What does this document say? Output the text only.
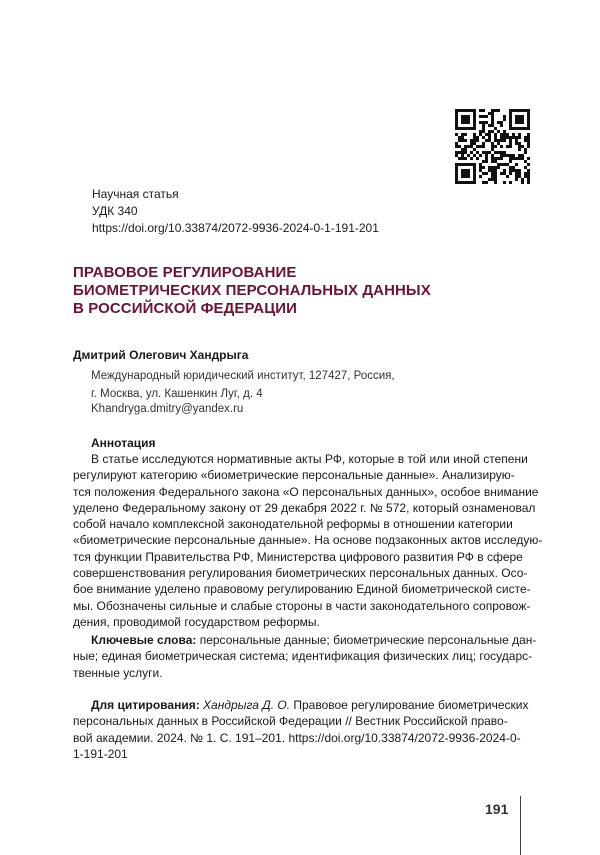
Научная статья
УДК 340
https://doi.org/10.33874/2072-9936-2024-0-1-191-201
ПРАВОВОЕ РЕГУЛИРОВАНИЕ
БИОМЕТРИЧЕСКИХ ПЕРСОНАЛЬНЫХ ДАННЫХ
В РОССИЙСКОЙ ФЕДЕРАЦИИ
Дмитрий Олегович Хандрыга
Международный юридический институт, 127427, Россия,
г. Москва, ул. Кашенкин Луг, д. 4
Khandryga.dmitry@yandex.ru
Аннотация
В статье исследуются нормативные акты РФ, которые в той или иной степени
регулируют категорию «биометрические персональные данные». Анализирую-
тся положения Федерального закона «О персональных данных», особое внимание
уделено Федеральному закону от 29 декабря 2022 г. № 572, который ознаменовал
собой начало комплексной законодательной реформы в отношении категории
«биометрические персональные данные». На основе подзаконных актов исследую-
тся функции Правительства РФ, Министерства цифрового развития РФ в сфере
совершенствования регулирования биометрических персональных данных. Осо-
бое внимание уделено правовому регулированию Единой биометрической систе-
мы. Обозначены сильные и слабые стороны в части законодательного сопровож-
дения, проводимой государством реформы.
Ключевые слова: персональные данные; биометрические персональные дан-
ные; единая биометрическая система; идентификация физических лиц; государс-
твенные услуги.
Для цитирования: Хандрыга Д. О. Правовое регулирование биометрических
персональных данных в Российской Федерации // Вестник Российской право-
вой академии. 2024. № 1. С. 191–201. https://doi.org/10.33874/2072-9936-2024-0-
1-191-201
191
